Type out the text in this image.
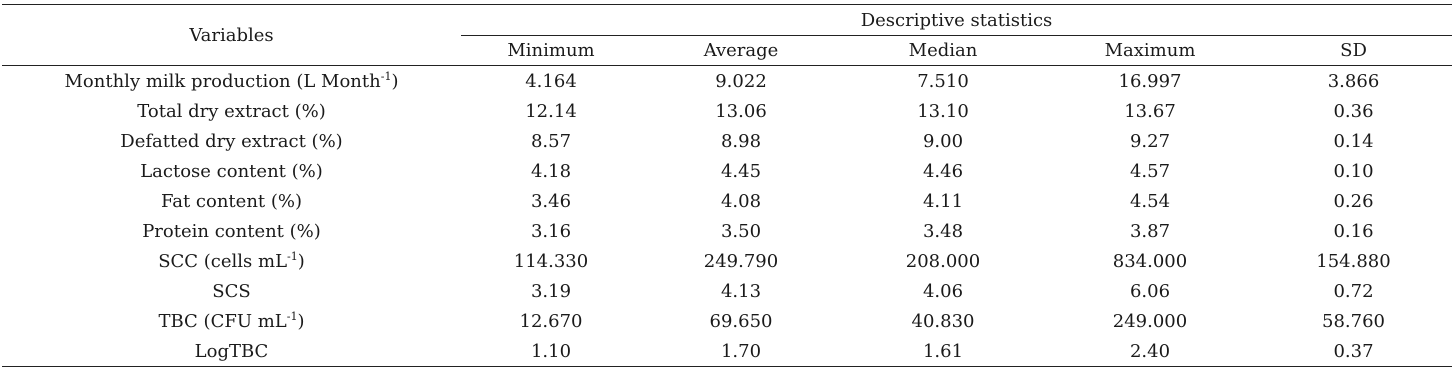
Variables	Descriptive statistics				
	Minimum	Average	Median	Maximum	SD
Monthly milk production (L Month$^{-1}$)	4.164	9.022	7.510	16.997	3.866
Total dry extract (%)	12.14	13.06	13.10	13.67	0.36
Defatted dry extract (%)	8.57	8.98	9.00	9.27	0.14
Lactose content (%)	4.18	4.45	4.46	4.57	0.10
Fat content (%)	3.46	4.08	4.11	4.54	0.26
Protein content (%)	3.16	3.50	3.48	3.87	0.16
SCC (cells $mL^{-1}$)	114.330	249.790	208.000	834.000	154.880
SCS	3.19	4.13	4.06	6.06	0.72
TBC (CFU $mL^{-1}$)	12.670	69.650	40.830	249.000	58.760
LogTBC	1.10	1.70	1.61	2.40	0.37
